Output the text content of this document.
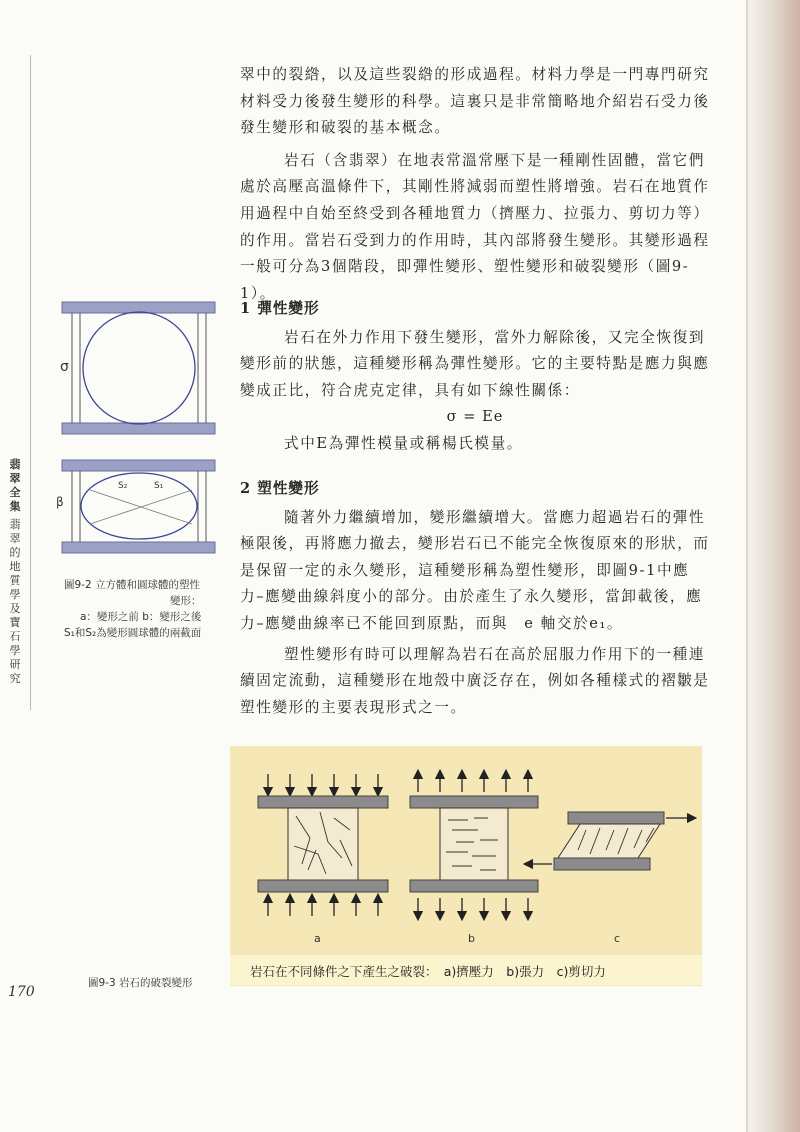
翡
翠
全
集
翡
翠
的
地
質
學
及
寶
石
學
研
究

翠中的裂綹，以及這些裂綹的形成過程。材料力學是一門專門研究材料受力後發生變形的科學。這裏只是非常簡略地介紹岩石受力後發生變形和破裂的基本概念。

岩石（含翡翠）在地表常溫常壓下是一種剛性固體，當它們處於高壓高溫條件下，其剛性將減弱而塑性將增強。岩石在地質作用過程中自始至終受到各種地質力（擠壓力、拉張力、剪切力等）的作用。當岩石受到力的作用時，其內部將發生變形。其變形過程一般可分為3個階段，即彈性變形、塑性變形和破裂變形（圖9-1）。

1 彈性變形

岩石在外力作用下發生變形，當外力解除後，又完全恢復到變形前的狀態，這種變形稱為彈性變形。它的主要特點是應力與應變成正比，符合虎克定律，具有如下線性關係：

σ = Ee

式中E為彈性模量或稱楊氏模量。

2 塑性變形

隨著外力繼續增加，變形繼續增大。當應力超過岩石的彈性極限後，再將應力撤去，變形岩石已不能完全恢復原來的形狀，而是保留一定的永久變形，這種變形稱為塑性變形，即圖9-1中應力–應變曲線斜度小的部分。由於產生了永久變形，當卸載後，應力–應變曲線率已不能回到原點，而與　e 軸交於e₁。

塑性變形有時可以理解為岩石在高於屈服力作用下的一種連續固定流動，這種變形在地殼中廣泛存在，例如各種樣式的褶皺是塑性變形的主要表現形式之一。

σ
β
S₂	S₁
圖9-2 立方體和圓球體的塑性
變形：
a：變形之前 b：變形之後
S₁和S₂為變形圓球體的兩截面
a	b	c
岩石在不同條件之下產生之破裂：　a)擠壓力　b)張力　c)剪切力
圖9-3 岩石的破裂變形
170
